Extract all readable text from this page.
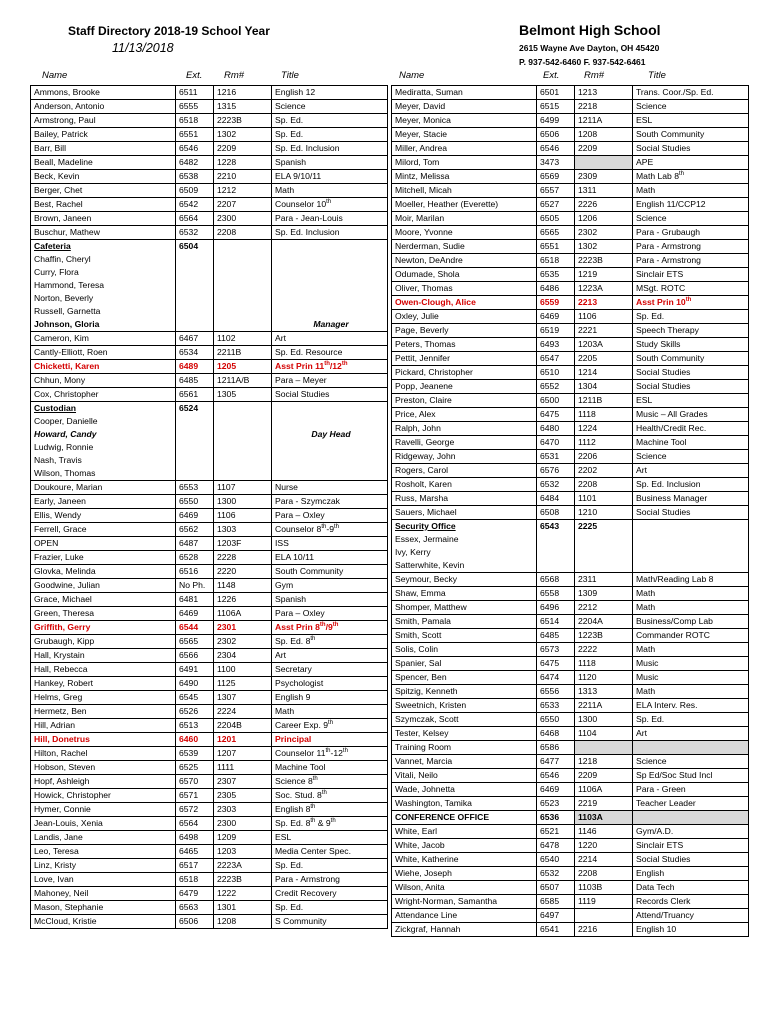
Staff Directory 2018-19 School Year
11/13/2018
Belmont High School
2615 Wayne Ave Dayton, OH 45420
P. 937-542-6460 F. 937-542-6461
Name	Ext. Rm#	Title	Name	Ext.	Rm#	Title
Ammons, Brooke	6511	1216	English 12
Anderson, Antonio	6555	1315	Science
Armstrong, Paul	6518	2223B	Sp. Ed.
Bailey, Patrick	6551	1302	Sp. Ed.
Barr, Bill	6546	2209	Sp. Ed. Inclusion
Beall, Madeline	6482	1228	Spanish
Beck, Kevin	6538	2210	ELA 9/10/11
Berger, Chet	6509	1212	Math
Best, Rachel	6542	2207	Counselor 10th
Brown, Janeen	6564	2300	Para - Jean-Louis
Buschur, Mathew	6532	2208	Sp. Ed. Inclusion
Cafeteria	6504		
Chaffin, Cheryl			
Curry, Flora			
Hammond, Teresa			
Norton, Beverly			
Russell, Garnetta			
Johnson, Gloria			Manager
Cameron, Kim	6467	1102	Art
Cantly-Elliott, Roen	6534	2211B	Sp. Ed. Resource
Chicketti, Karen	6489	1205	Asst Prin 11th/12th
Chhun, Mony	6485	1211A/B	Para – Meyer
Cox, Christopher	6561	1305	Social Studies
Custodian	6524		
Cooper, Danielle			
Howard, Candy			Day Head
Ludwig, Ronnie			
Nash, Travis			
Wilson, Thomas			
Doukoure, Marian	6553	1107	Nurse
Early, Janeen	6550	1300	Para - Szymczak
Ellis, Wendy	6469	1106	Para – Oxley
Ferrell, Grace	6562	1303	Counselor 8th-9th
OPEN	6487	1203F	ISS
Frazier, Luke	6528	2228	ELA 10/11
Glovka, Melinda	6516	2220	South Community
Goodwine, Julian	No Ph.	1148	Gym
Grace, Michael	6481	1226	Spanish
Green, Theresa	6469	1106A	Para – Oxley
Griffith, Gerry	6544	2301	Asst Prin 8th/9th
Grubaugh, Kipp	6565	2302	Sp. Ed. 8th
Hall, Krystain	6566	2304	Art
Hall, Rebecca	6491	1100	Secretary
Hankey, Robert	6490	1125	Psychologist
Helms, Greg	6545	1307	English 9
Hermetz, Ben	6526	2224	Math
Hill, Adrian	6513	2204B	Career Exp. 9th
Hill, Donetrus	6460	1201	Principal
Hilton, Rachel	6539	1207	Counselor 11th-12th
Hobson, Steven	6525	1111	Machine Tool
Hopf, Ashleigh	6570	2307	Science 8th
Howick, Christopher	6571	2305	Soc. Stud. 8th
Hymer, Connie	6572	2303	English 8th
Jean-Louis, Xenia	6564	2300	Sp. Ed. 8th & 9th
Landis, Jane	6498	1209	ESL
Leo, Teresa	6465	1203	Media Center Spec.
Linz, Kristy	6517	2223A	Sp. Ed.
Love, Ivan	6518	2223B	Para - Armstrong
Mahoney, Neil	6479	1222	Credit Recovery
Mason, Stephanie	6563	1301	Sp. Ed.
McCloud, Kristie	6506	1208	S Community
Mediratta, Suman	6501	1213	Trans. Coor./Sp. Ed.
Meyer, David	6515	2218	Science
Meyer, Monica	6499	1211A	ESL
Meyer, Stacie	6506	1208	South Community
Miller, Andrea	6546	2209	Social Studies
Milord, Tom	3473		APE
Mintz, Melissa	6569	2309	Math Lab 8th
Mitchell, Micah	6557	1311	Math
Moeller, Heather (Everette)	6527	2226	English 11/CCP12
Moir, Marilan	6505	1206	Science
Moore, Yvonne	6565	2302	Para - Grubaugh
Nerderman, Sudie	6551	1302	Para - Armstrong
Newton, DeAndre	6518	2223B	Para - Armstrong
Odumade, Shola	6535	1219	Sinclair ETS
Oliver, Thomas	6486	1223A	MSgt. ROTC
Owen-Clough, Alice	6559	2213	Asst Prin 10th
Oxley, Julie	6469	1106	Sp. Ed.
Page, Beverly	6519	2221	Speech Therapy
Peters, Thomas	6493	1203A	Study Skills
Pettit, Jennifer	6547	2205	South Community
Pickard, Christopher	6510	1214	Social Studies
Popp, Jeanene	6552	1304	Social Studies
Preston, Claire	6500	1211B	ESL
Price, Alex	6475	1118	Music – All Grades
Ralph, John	6480	1224	Health/Credit Rec.
Ravelli, George	6470	1112	Machine Tool
Ridgeway, John	6531	2206	Science
Rogers, Carol	6576	2202	Art
Rosholt, Karen	6532	2208	Sp. Ed. Inclusion
Russ, Marsha	6484	1101	Business Manager
Sauers, Michael	6508	1210	Social Studies
Security Office	6543	2225	
Essex, Jermaine			
Ivy, Kerry			
Satterwhite, Kevin			
Seymour, Becky	6568	2311	Math/Reading Lab 8
Shaw, Emma	6558	1309	Math
Shomper, Matthew	6496	2212	Math
Smith, Pamala	6514	2204A	Business/Comp Lab
Smith, Scott	6485	1223B	Commander ROTC
Solis, Colin	6573	2222	Math
Spanier, Sal	6475	1118	Music
Spencer, Ben	6474	1120	Music
Spitzig, Kenneth	6556	1313	Math
Sweetnich, Kristen	6533	2211A	ELA Interv. Res.
Szymczak, Scott	6550	1300	Sp. Ed.
Tester, Kelsey	6468	1104	Art
Training Room	6586		
Vannet, Marcia	6477	1218	Science
Vitali, Neilo	6546	2209	Sp Ed/Soc Stud Incl
Wade, Johnetta	6469	1106A	Para - Green
Washington, Tamika	6523	2219	Teacher Leader
CONFERENCE OFFICE	6536	1103A	
White, Earl	6521	1146	Gym/A.D.
White, Jacob	6478	1220	Sinclair ETS
White, Katherine	6540	2214	Social Studies
Wiehe, Joseph	6532	2208	English
Wilson, Anita	6507	1103B	Data Tech
Wright-Norman, Samantha	6585	1119	Records Clerk
Attendance Line	6497		Attend/Truancy
Zickgraf, Hannah	6541	2216	English 10
